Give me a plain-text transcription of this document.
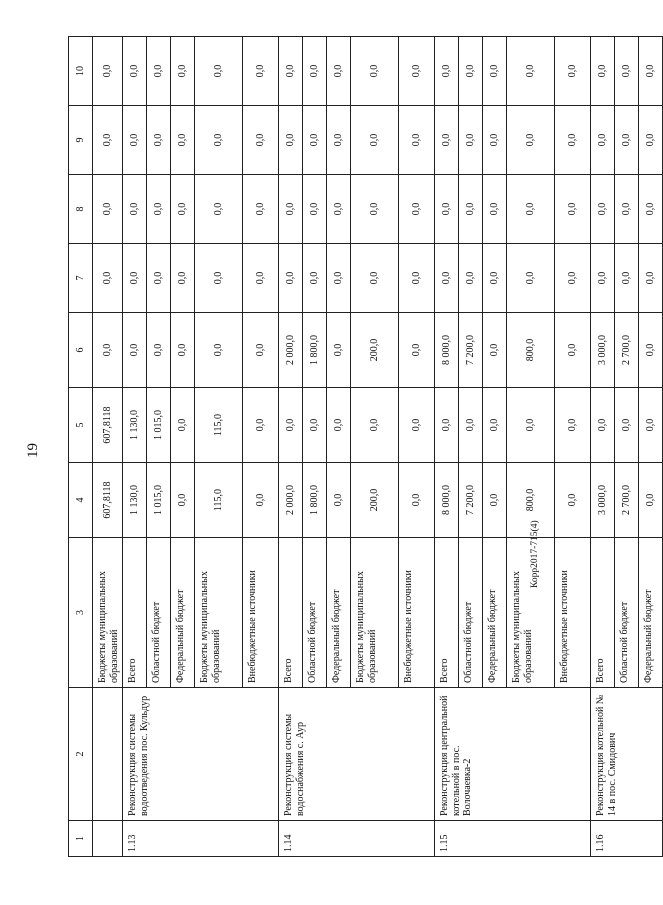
19
Корр2017-715(4)
1	2	3	4	5	6	7	8	9	10
		Бюджеты муниципальных образований	607,8118	607,8118	0,0	0,0	0,0	0,0	0,0
1.13	Реконструкция системы водоотведения пос. Кульдур	Всего	1 130,0	1 130,0	0,0	0,0	0,0	0,0	0,0
		Областной бюджет	1 015,0	1 015,0	0,0	0,0	0,0	0,0	0,0
		Федеральный бюджет	0,0	0,0	0,0	0,0	0,0	0,0	0,0
		Бюджеты муниципальных образований	115,0	115,0	0,0	0,0	0,0	0,0	0,0
		Внебюджетные источники	0,0	0,0	0,0	0,0	0,0	0,0	0,0
1.14	Реконструкция системы водоснабжения с. Аур	Всего	2 000,0	0,0	2 000,0	0,0	0,0	0,0	0,0
		Областной бюджет	1 800,0	0,0	1 800,0	0,0	0,0	0,0	0,0
		Федеральный бюджет	0,0	0,0	0,0	0,0	0,0	0,0	0,0
		Бюджеты муниципальных образований	200,0	0,0	200,0	0,0	0,0	0,0	0,0
		Внебюджетные источники	0,0	0,0	0,0	0,0	0,0	0,0	0,0
1.15	Реконструкция центральной котельной в пос. Волочаевка-2	Всего	8 000,0	0,0	8 000,0	0,0	0,0	0,0	0,0
		Областной бюджет	7 200,0	0,0	7 200,0	0,0	0,0	0,0	0,0
		Федеральный бюджет	0,0	0,0	0,0	0,0	0,0	0,0	0,0
		Бюджеты муниципальных образований	800,0	0,0	800,0	0,0	0,0	0,0	0,0
		Внебюджетные источники	0,0	0,0	0,0	0,0	0,0	0,0	0,0
1.16	Реконструкция котельной № 14 в пос. Смидович	Всего	3 000,0	0,0	3 000,0	0,0	0,0	0,0	0,0
		Областной бюджет	2 700,0	0,0	2 700,0	0,0	0,0	0,0	0,0
		Федеральный бюджет	0,0	0,0	0,0	0,0	0,0	0,0	0,0
